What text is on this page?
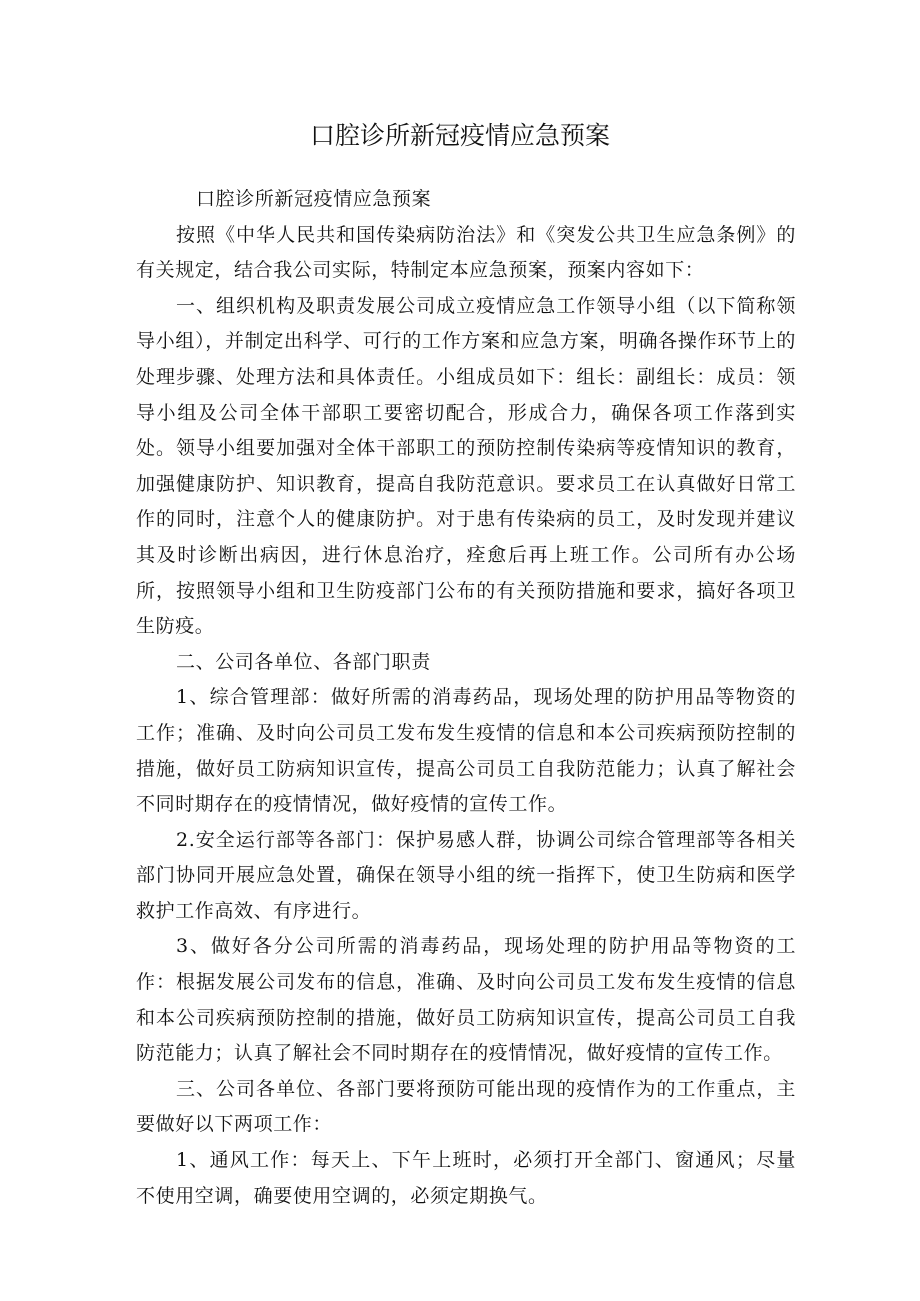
口腔诊所新冠疫情应急预案

口腔诊所新冠疫情应急预案

按照《中华人民共和国传染病防治法》和《突发公共卫生应急条例》的有关规定，结合我公司实际，特制定本应急预案，预案内容如下：

一、组织机构及职责发展公司成立疫情应急工作领导小组（以下简称领导小组），并制定出科学、可行的工作方案和应急方案，明确各操作环节上的处理步骤、处理方法和具体责任。小组成员如下：组长：副组长：成员：领导小组及公司全体干部职工要密切配合，形成合力，确保各项工作落到实处。领导小组要加强对全体干部职工的预防控制传染病等疫情知识的教育，加强健康防护、知识教育，提高自我防范意识。要求员工在认真做好日常工作的同时，注意个人的健康防护。对于患有传染病的员工，及时发现并建议其及时诊断出病因，进行休息治疗，痊愈后再上班工作。公司所有办公场所，按照领导小组和卫生防疫部门公布的有关预防措施和要求，搞好各项卫生防疫。

二、公司各单位、各部门职责

1、综合管理部：做好所需的消毒药品，现场处理的防护用品等物资的工作；准确、及时向公司员工发布发生疫情的信息和本公司疾病预防控制的措施，做好员工防病知识宣传，提高公司员工自我防范能力；认真了解社会不同时期存在的疫情情况，做好疫情的宣传工作。

2.安全运行部等各部门：保护易感人群，协调公司综合管理部等各相关部门协同开展应急处置，确保在领导小组的统一指挥下，使卫生防病和医学救护工作高效、有序进行。

3、做好各分公司所需的消毒药品，现场处理的防护用品等物资的工作：根据发展公司发布的信息，准确、及时向公司员工发布发生疫情的信息和本公司疾病预防控制的措施，做好员工防病知识宣传，提高公司员工自我防范能力；认真了解社会不同时期存在的疫情情况，做好疫情的宣传工作。

三、公司各单位、各部门要将预防可能出现的疫情作为的工作重点，主要做好以下两项工作：

1、通风工作：每天上、下午上班时，必须打开全部门、窗通风；尽量不使用空调，确要使用空调的，必须定期换气。
